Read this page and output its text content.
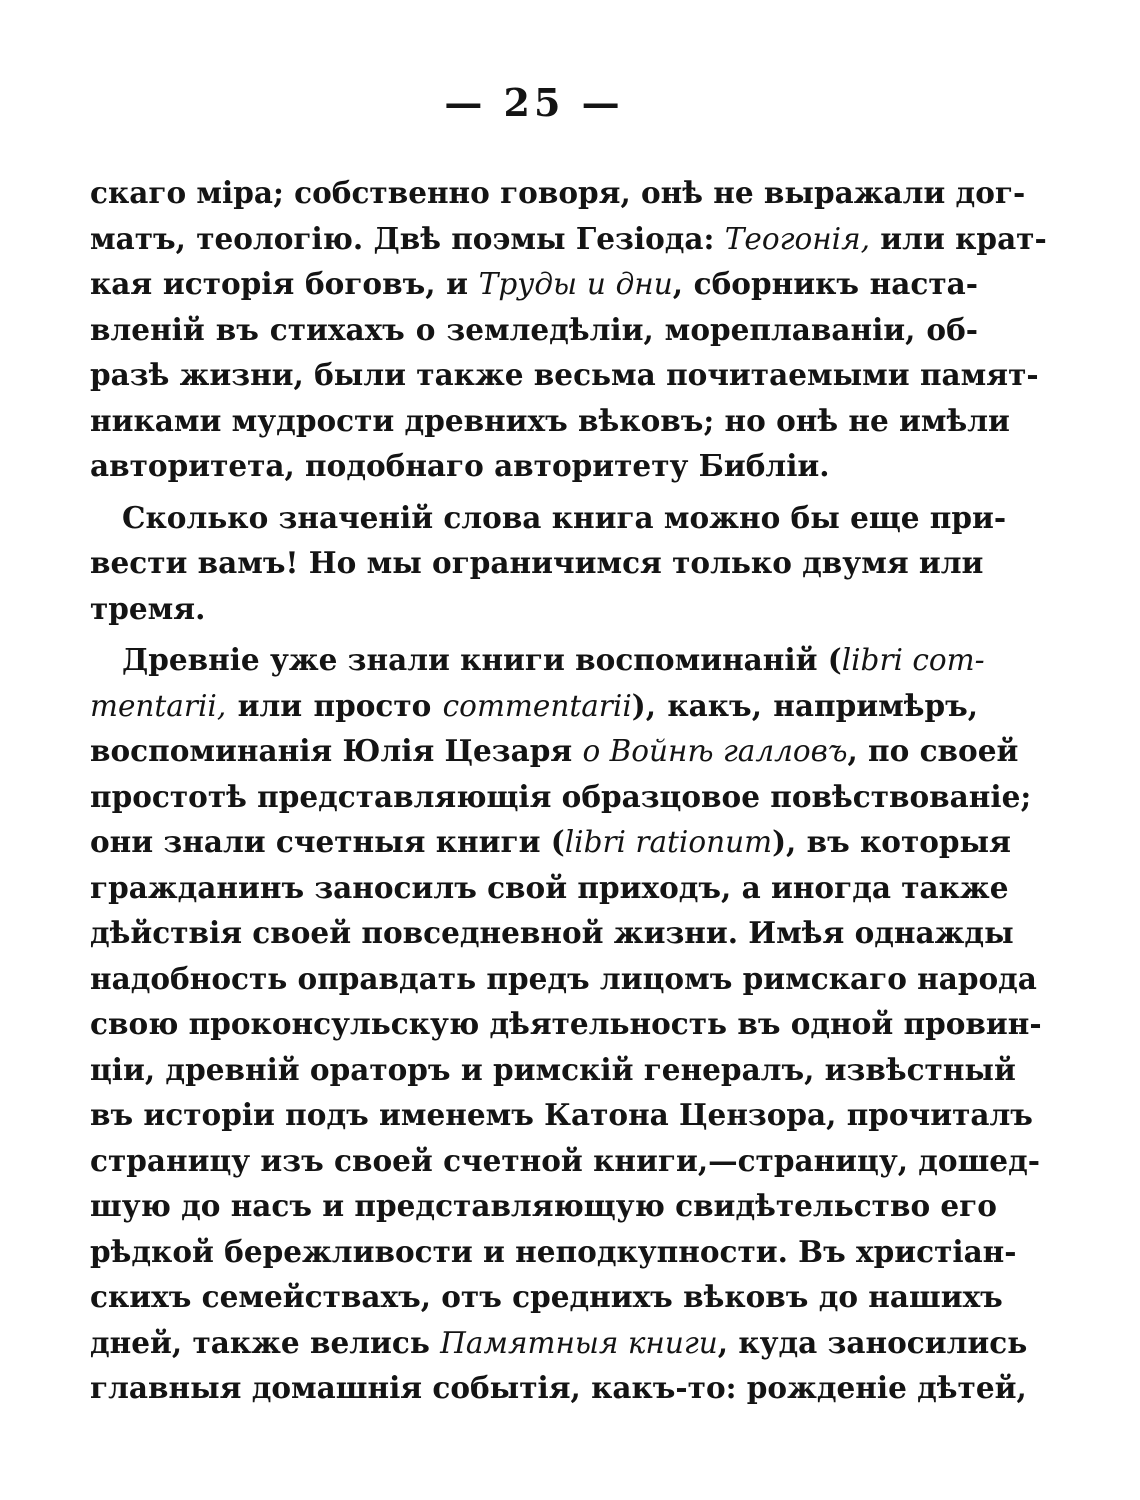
— 25 —
скаго міра; собственно говоря, онѣ не выражали дог-
матъ, теологію. Двѣ поэмы Гезіода: Теогонія, или крат-
кая исторія боговъ, и Труды и дни, сборникъ наста-
вленій въ стихахъ о земледѣліи, мореплаваніи, об-
разѣ жизни, были также весьма почитаемыми памят-
никами мудрости древнихъ вѣковъ; но онѣ не имѣли
авторитета, подобнаго авторитету Библіи.
Сколько значеній слова книга можно бы еще при-
вести вамъ! Но мы ограничимся только двумя или
тремя.
Древніе уже знали книги воспоминаній (libri com-
mentarii, или просто commentarii), какъ, напримѣръ,
воспоминанія Юлія Цезаря о Войнѣ галловъ, по своей
простотѣ представляющія образцовое повѣствованіе;
они знали счетныя книги (libri rationum), въ которыя
гражданинъ заносилъ свой приходъ, а иногда также
дѣйствія своей повседневной жизни. Имѣя однажды
надобность оправдать предъ лицомъ римскаго народа
свою проконсульскую дѣятельность въ одной провин-
ціи, древній ораторъ и римскій генералъ, извѣстный
въ исторіи подъ именемъ Катона Цензора, прочиталъ
страницу изъ своей счетной книги,—страницу, дошед-
шую до насъ и представляющую свидѣтельство его
рѣдкой бережливости и неподкупности. Въ христіан-
скихъ семействахъ, отъ среднихъ вѣковъ до нашихъ
дней, также велись Памятныя книги, куда заносились
главныя домашнія событія, какъ-то: рожденіе дѣтей,
